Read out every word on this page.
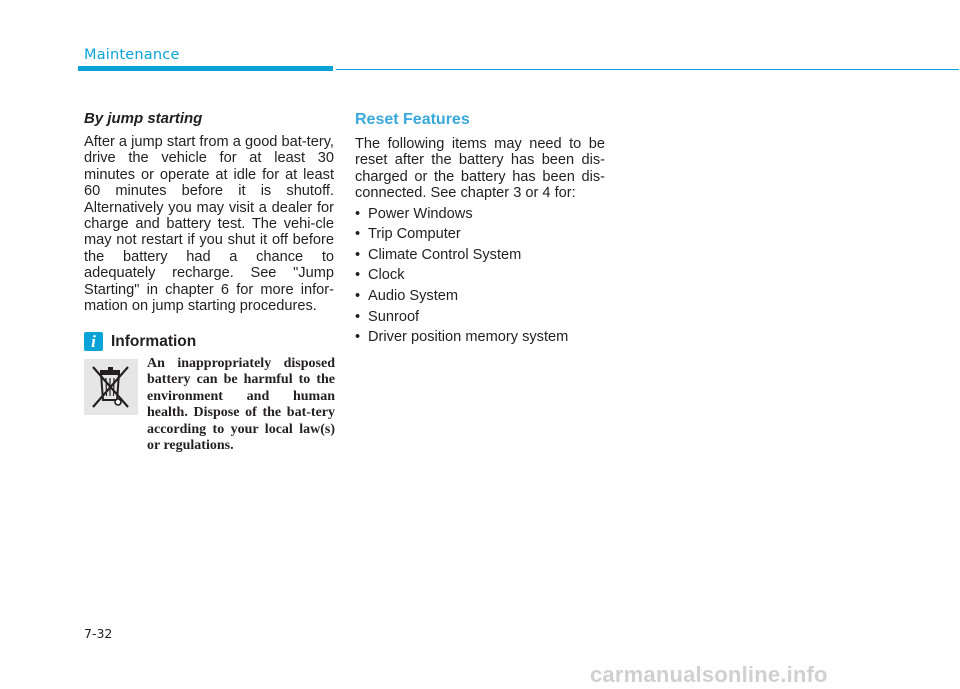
Maintenance

By jump starting

After a jump start from a good bat-tery, drive the vehicle for at least 30 minutes or operate at idle for at least 60 minutes before it is shutoff. Alternatively you may visit a dealer for charge and battery test. The vehi-cle may not restart if you shut it off before the battery had a chance to adequately recharge. See "Jump Starting" in chapter 6 for more infor-mation on jump starting procedures.

i Information

An inappropriately disposed battery can be harmful to the environment and human health. Dispose of the bat-tery according to your local law(s) or regulations.

Reset Features

The following items may need to be reset after the battery has been dis-charged or the battery has been dis-connected. See chapter 3 or 4 for:

• Power Windows
• Trip Computer
• Climate Control System
• Clock
• Audio System
• Sunroof
• Driver position memory system
7-32
carmanualsonline.info
